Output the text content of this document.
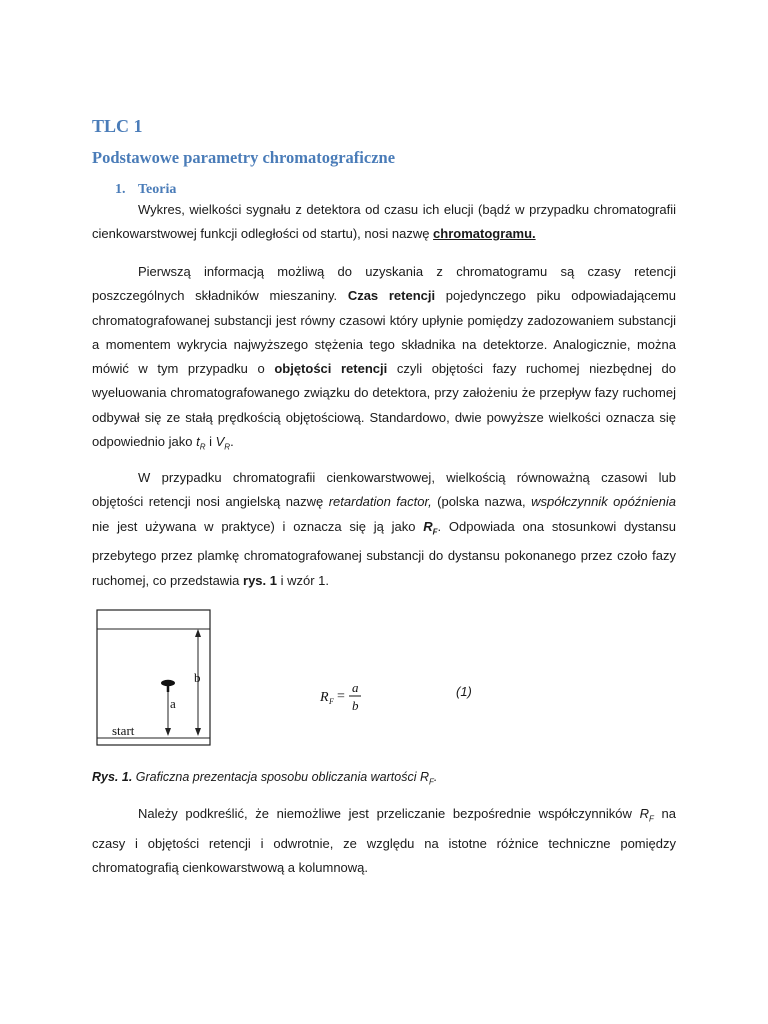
TLC 1
Podstawowe parametry chromatograficzne
1. Teoria

Wykres, wielkości sygnału z detektora od czasu ich elucji (bądź w przypadku chromatografii cienkowarstwowej funkcji odległości od startu), nosi nazwę chromatogramu.

Pierwszą informacją możliwą do uzyskania z chromatogramu są czasy retencji poszczególnych składników mieszaniny. Czas retencji pojedynczego piku odpowiadającemu chromatografowanej substancji jest równy czasowi który upłynie pomiędzy zadozowaniem substancji a momentem wykrycia najwyższego stężenia tego składnika na detektorze. Analogicznie, można mówić w tym przypadku o objętości retencji czyli objętości fazy ruchomej niezbędnej do wyeluowania chromatografowanego związku do detektora, przy założeniu że przepływ fazy ruchomej odbywał się ze stałą prędkością objętościową. Standardowo, dwie powyższe wielkości oznacza się odpowiednio jako $t_R$ i $V_R$.

W przypadku chromatografii cienkowarstwowej, wielkością równoważną czasowi lub objętości retencji nosi angielską nazwę retardation factor, (polska nazwa, współczynnik opóźnienia nie jest używana w praktyce) i oznacza się ją jako $R_F$. Odpowiada ona stosunkowi dystansu przebytego przez plamkę chromatografowanej substancji do dystansu pokonanego przez czoło fazy ruchomej, co przedstawia rys. 1 i wzór 1.

b
a
start
R F =
a
b

(1)

Rys. 1. Graficzna prezentacja sposobu obliczania wartości $R_F$.

Należy podkreślić, że niemożliwe jest przeliczanie bezpośrednie współczynników $R_F$ na czasy i objętości retencji i odwrotnie, ze względu na istotne różnice techniczne pomiędzy chromatografią cienkowarstwową a kolumnową.
